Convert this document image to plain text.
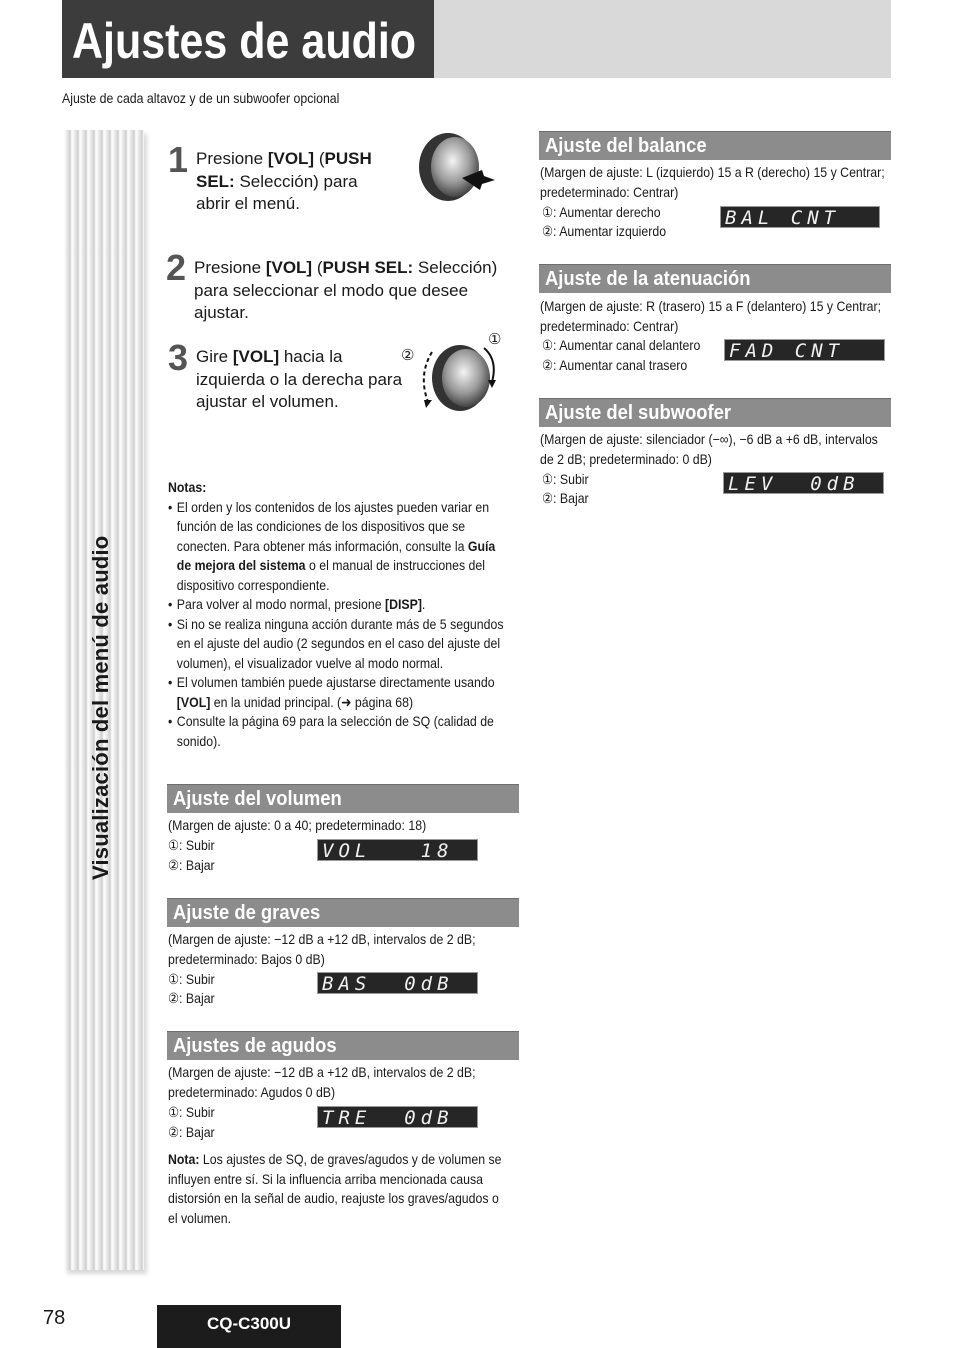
Ajustes de audio
Ajuste de cada altavoz y de un subwoofer opcional
Visualización del menú de audio
1 Presione [VOL] (PUSH SEL: Selección) para abrir el menú.
2 Presione [VOL] (PUSH SEL: Selección) para seleccionar el modo que desee ajustar.
3 Gire [VOL] hacia la izquierda o la derecha para ajustar el volumen.
①
②
Notas:
• El orden y los contenidos de los ajustes pueden variar en función de las condiciones de los dispositivos que se conecten. Para obtener más información, consulte la Guía de mejora del sistema o el manual de instrucciones del dispositivo correspondiente.
• Para volver al modo normal, presione [DISP].
• Si no se realiza ninguna acción durante más de 5 segundos en el ajuste del audio (2 segundos en el caso del ajuste del volumen), el visualizador vuelve al modo normal.
• El volumen también puede ajustarse directamente usando [VOL] en la unidad principal. (➜ página 68)
• Consulte la página 69 para la selección de SQ (calidad de sonido).
Ajuste del volumen
(Margen de ajuste: 0 a 40; predeterminado: 18)
①: Subir
②: Bajar
VOL   18
Ajuste de graves
(Margen de ajuste: −12 dB a +12 dB, intervalos de 2 dB; predeterminado: Bajos 0 dB)
①: Subir
②: Bajar
BAS  0dB
Ajustes de agudos
(Margen de ajuste: −12 dB a +12 dB, intervalos de 2 dB; predeterminado: Agudos 0 dB)
①: Subir
②: Bajar
TRE  0dB
Nota: Los ajustes de SQ, de graves/agudos y de volumen se influyen entre sí. Si la influencia arriba mencionada causa distorsión en la señal de audio, reajuste los graves/agudos o el volumen.
Ajuste del balance
(Margen de ajuste: L (izquierdo) 15 a R (derecho) 15 y Centrar; predeterminado: Centrar)
①: Aumentar derecho
②: Aumentar izquierdo
BAL CNT
Ajuste de la atenuación
(Margen de ajuste: R (trasero) 15 a F (delantero) 15 y Centrar; predeterminado: Centrar)
①: Aumentar canal delantero
②: Aumentar canal trasero
FAD CNT
Ajuste del subwoofer
(Margen de ajuste: silenciador (−∞), −6 dB a +6 dB, intervalos de 2 dB; predeterminado: 0 dB)
①: Subir
②: Bajar
LEV  0dB
78	CQ-C300U
